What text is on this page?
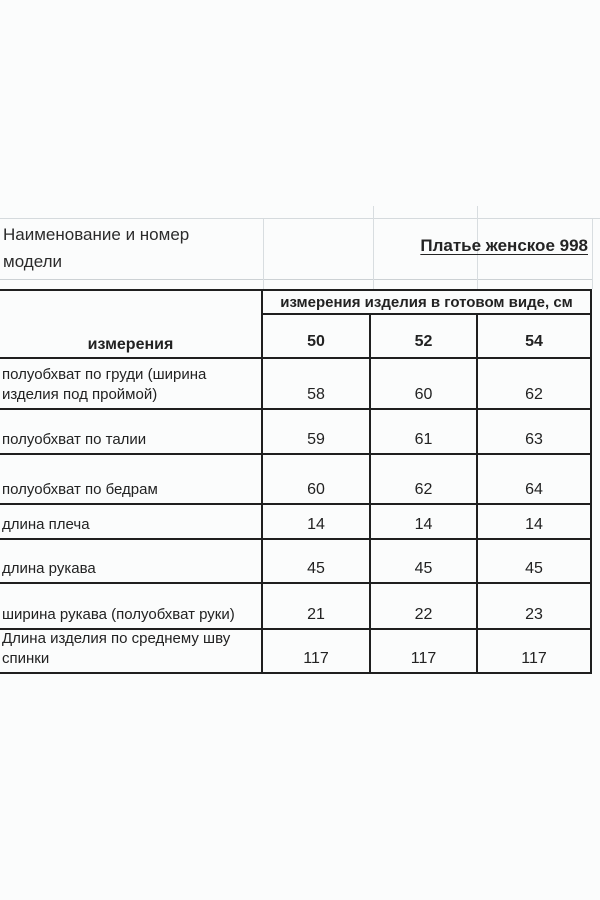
Наименование и номер модели
Платье женское 998
измерения
измерения изделия в готовом виде, см
50	52	54
полуобхват по груди (ширина изделия под проймой)	58	60	62
полуобхват по талии	59	61	63
полуобхват по бедрам	60	62	64
длина плеча	14	14	14
длина рукава	45	45	45
ширина рукава (полуобхват руки)	21	22	23
Длина изделия по среднему шву спинки	117	117	117
